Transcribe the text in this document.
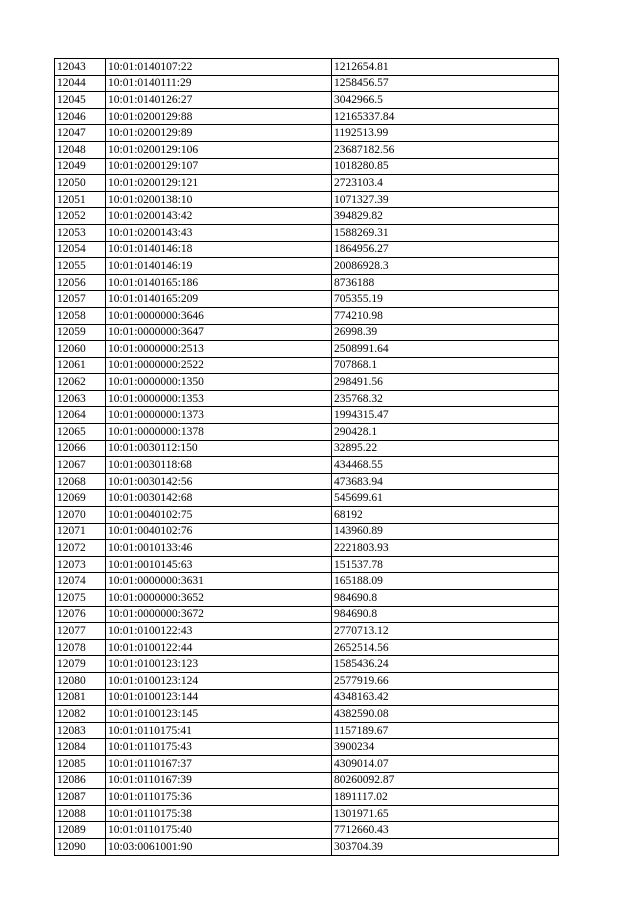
12043	10:01:0140107:22	1212654.81
12044	10:01:0140111:29	1258456.57
12045	10:01:0140126:27	3042966.5
12046	10:01:0200129:88	12165337.84
12047	10:01:0200129:89	1192513.99
12048	10:01:0200129:106	23687182.56
12049	10:01:0200129:107	1018280.85
12050	10:01:0200129:121	2723103.4
12051	10:01:0200138:10	1071327.39
12052	10:01:0200143:42	394829.82
12053	10:01:0200143:43	1588269.31
12054	10:01:0140146:18	1864956.27
12055	10:01:0140146:19	20086928.3
12056	10:01:0140165:186	8736188
12057	10:01:0140165:209	705355.19
12058	10:01:0000000:3646	774210.98
12059	10:01:0000000:3647	26998.39
12060	10:01:0000000:2513	2508991.64
12061	10:01:0000000:2522	707868.1
12062	10:01:0000000:1350	298491.56
12063	10:01:0000000:1353	235768.32
12064	10:01:0000000:1373	1994315.47
12065	10:01:0000000:1378	290428.1
12066	10:01:0030112:150	32895.22
12067	10:01:0030118:68	434468.55
12068	10:01:0030142:56	473683.94
12069	10:01:0030142:68	545699.61
12070	10:01:0040102:75	68192
12071	10:01:0040102:76	143960.89
12072	10:01:0010133:46	2221803.93
12073	10:01:0010145:63	151537.78
12074	10:01:0000000:3631	165188.09
12075	10:01:0000000:3652	984690.8
12076	10:01:0000000:3672	984690.8
12077	10:01:0100122:43	2770713.12
12078	10:01:0100122:44	2652514.56
12079	10:01:0100123:123	1585436.24
12080	10:01:0100123:124	2577919.66
12081	10:01:0100123:144	4348163.42
12082	10:01:0100123:145	4382590.08
12083	10:01:0110175:41	1157189.67
12084	10:01:0110175:43	3900234
12085	10:01:0110167:37	4309014.07
12086	10:01:0110167:39	80260092.87
12087	10:01:0110175:36	1891117.02
12088	10:01:0110175:38	1301971.65
12089	10:01:0110175:40	7712660.43
12090	10:03:0061001:90	303704.39
